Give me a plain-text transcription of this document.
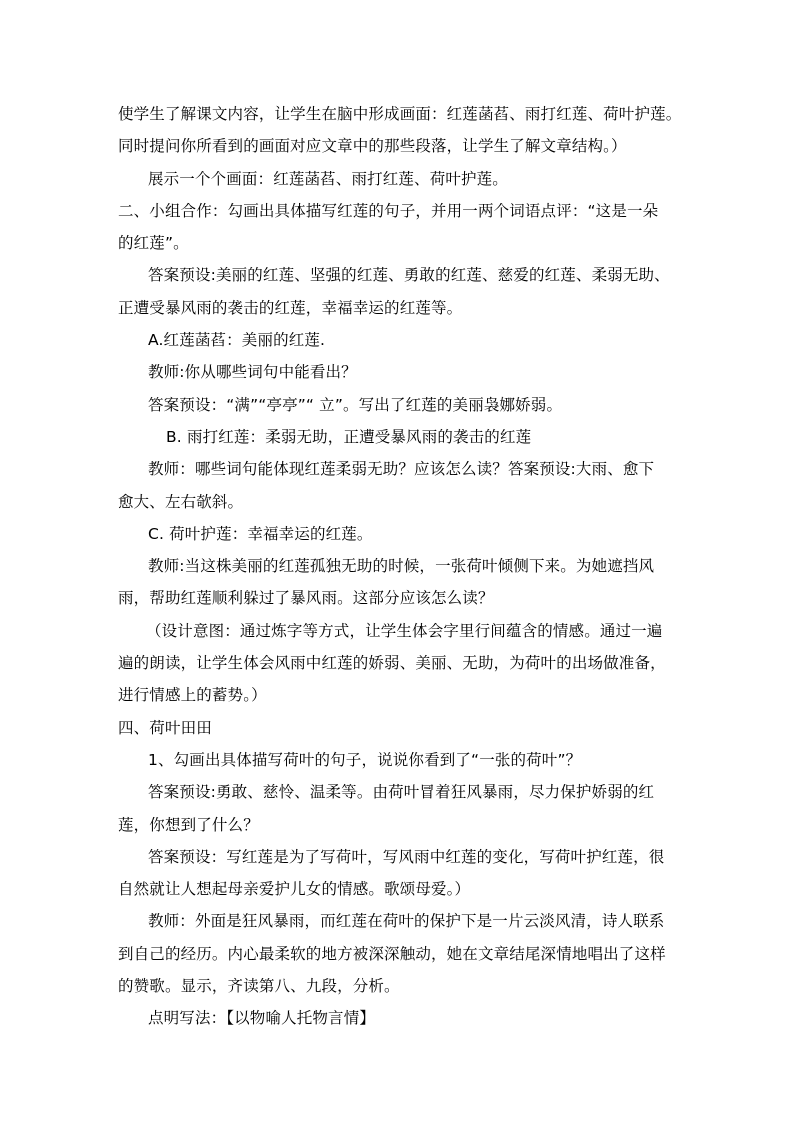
使学生了解课文内容，让学生在脑中形成画面：红莲菡萏、雨打红莲、荷叶护莲。
同时提问你所看到的画面对应文章中的那些段落，让学生了解文章结构。）
展示一个个画面：红莲菡萏、雨打红莲、荷叶护莲。
二、小组合作：勾画出具体描写红莲的句子，并用一两个词语点评：“这是一朵
的红莲”。
答案预设:美丽的红莲、坚强的红莲、勇敢的红莲、慈爱的红莲、柔弱无助、
正遭受暴风雨的袭击的红莲，幸福幸运的红莲等。
A.红莲菡萏：美丽的红莲.
教师:你从哪些词句中能看出？
答案预设：“满”“亭亭”“ 立”。写出了红莲的美丽袅娜娇弱。
B. 雨打红莲：柔弱无助，正遭受暴风雨的袭击的红莲
教师：哪些词句能体现红莲柔弱无助？应该怎么读？答案预设:大雨、愈下
愈大、左右欹斜。
C. 荷叶护莲：幸福幸运的红莲。
教师:当这株美丽的红莲孤独无助的时候，一张荷叶倾侧下来。为她遮挡风
雨，帮助红莲顺利躲过了暴风雨。这部分应该怎么读？
（设计意图：通过炼字等方式，让学生体会字里行间蕴含的情感。通过一遍
遍的朗读，让学生体会风雨中红莲的娇弱、美丽、无助，为荷叶的出场做准备，
进行情感上的蓄势。）
四、荷叶田田
1、勾画出具体描写荷叶的句子，说说你看到了“一张的荷叶”？
答案预设:勇敢、慈怜、温柔等。由荷叶冒着狂风暴雨，尽力保护娇弱的红
莲，你想到了什么？
答案预设：写红莲是为了写荷叶，写风雨中红莲的变化，写荷叶护红莲，很
自然就让人想起母亲爱护儿女的情感。歌颂母爱。）
教师：外面是狂风暴雨，而红莲在荷叶的保护下是一片云淡风清，诗人联系
到自己的经历。内心最柔软的地方被深深触动，她在文章结尾深情地唱出了这样
的赞歌。显示，齐读第八、九段，分析。
点明写法：【以物喻人托物言情】
